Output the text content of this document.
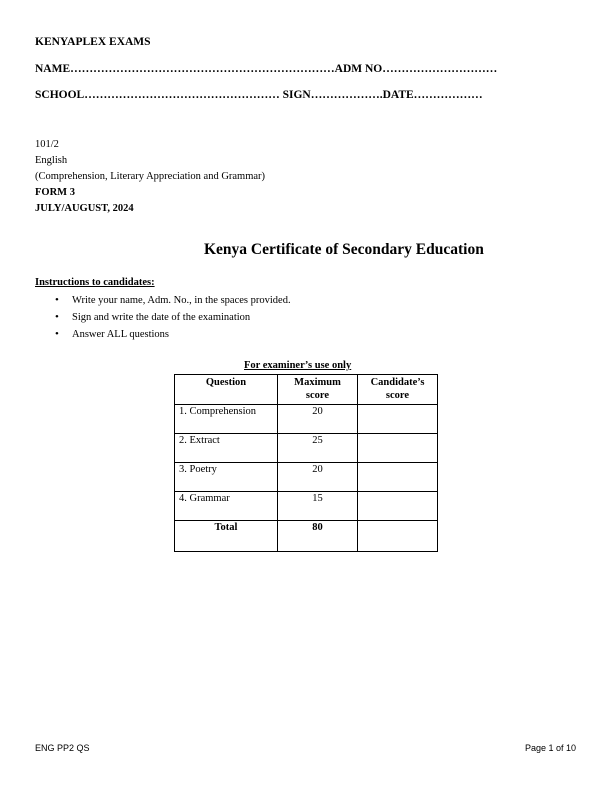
KENYAPLEX EXAMS
NAME……………………………………………………………ADM NO…………………………
SCHOOL…………………………………………… SIGN……………….DATE………………
101/2
English
(Comprehension, Literary Appreciation and Grammar)
FORM 3
JULY/AUGUST, 2024
Kenya Certificate of Secondary Education
Instructions to candidates:
• Write your name, Adm. No., in the spaces provided.
• Sign and write the date of the examination
• Answer ALL questions
For examiner’s use only
Question	Maximum score	Candidate’s score
1. Comprehension	20	
2. Extract	25	
3. Poetry	20	
4. Grammar	15	
Total	80	
ENG PP2 QS	Page 1 of 10
